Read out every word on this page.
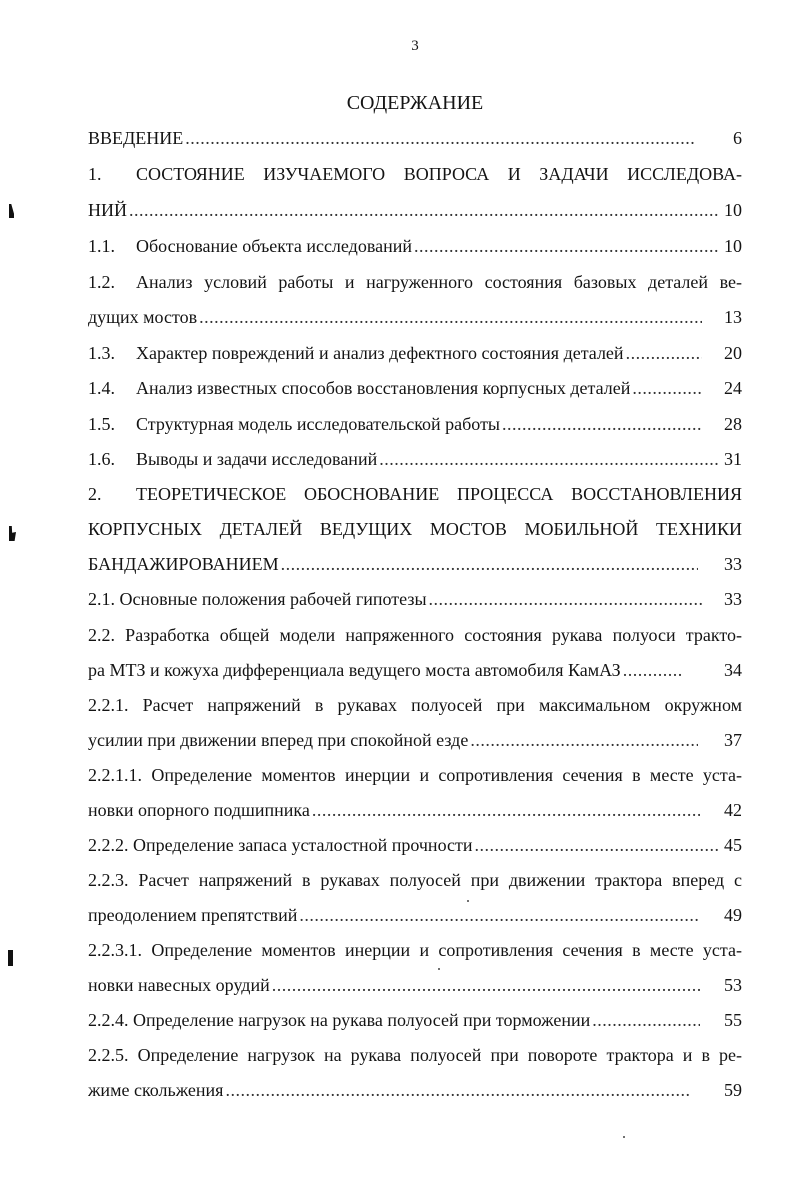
3
СОДЕРЖАНИЕ
ВВЕДЕНИЕ .....	6
1. СОСТОЯНИЕ ИЗУЧАЕМОГО ВОПРОСА И ЗАДАЧИ ИССЛЕДОВА-
НИЙ .....	10
1.1. Обоснование объекта исследований .....	10
1.2. Анализ условий работы и нагруженного состояния базовых деталей ве-
дущих мостов .....	13
1.3. Характер повреждений и анализ дефектного состояния деталей .....	20
1.4. Анализ известных способов восстановления корпусных деталей .....	24
1.5. Структурная модель исследовательской работы .....	28
1.6. Выводы и задачи исследований .....	31
2. ТЕОРЕТИЧЕСКОЕ ОБОСНОВАНИЕ ПРОЦЕССА ВОССТАНОВЛЕНИЯ
КОРПУСНЫХ ДЕТАЛЕЙ ВЕДУЩИХ МОСТОВ МОБИЛЬНОЙ ТЕХНИКИ
БАНДАЖИРОВАНИЕМ .....	33
2.1. Основные положения рабочей гипотезы .....	33
2.2. Разработка общей модели напряженного состояния рукава полуоси тракто-
ра МТЗ и кожуха дифференциала ведущего моста автомобиля КамАЗ .....	34
2.2.1. Расчет напряжений в рукавах полуосей при максимальном окружном
усилии при движении вперед при спокойной езде .....	37
2.2.1.1. Определение моментов инерции и сопротивления сечения в месте уста-
новки опорного подшипника .....	42
2.2.2. Определение запаса усталостной прочности .....	45
2.2.3. Расчет напряжений в рукавах полуосей при движении трактора вперед с
преодолением препятствий .....	49
2.2.3.1. Определение моментов инерции и сопротивления сечения в месте уста-
новки навесных орудий .....	53
2.2.4. Определение нагрузок на рукава полуосей при торможении .....	55
2.2.5. Определение нагрузок на рукава полуосей при повороте трактора и в ре-
жиме скольжения .....	59
